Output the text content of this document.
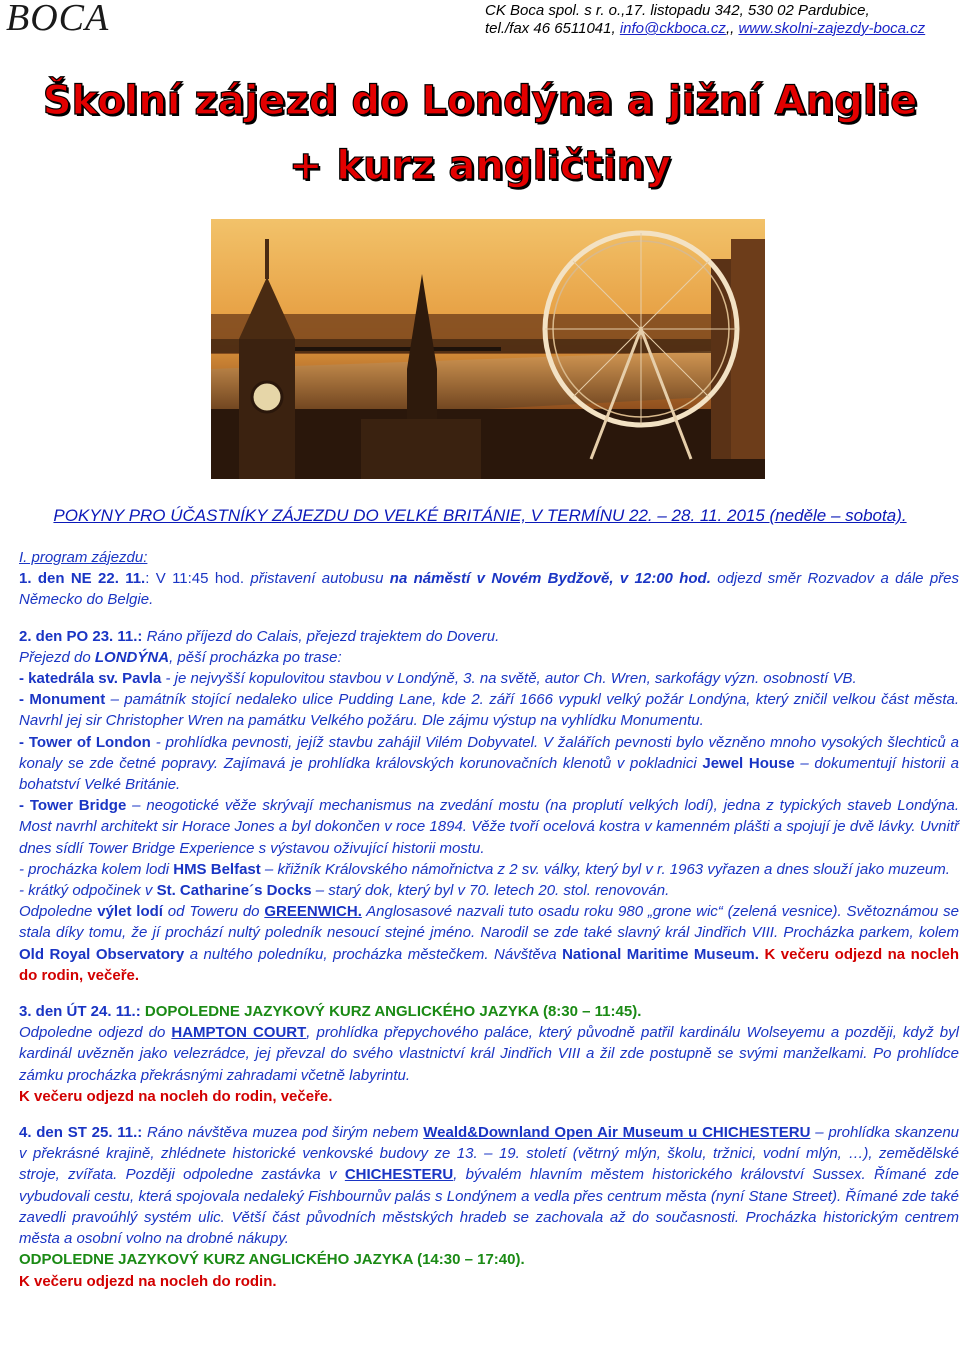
BOCA	CK Boca spol. s r. o.,17. listopadu 342, 530 02 Pardubice,
tel./fax 46 6511041, info@ckboca.cz,, www.skolni-zajezdy-boca.cz
Školní zájezd do Londýna a jižní Anglie
+ kurz angličtiny
POKYNY PRO ÚČASTNÍKY ZÁJEZDU DO VELKÉ BRITÁNIE, V TERMÍNU 22. – 28. 11. 2015 (neděle – sobota).

I. program zájezdu:

1. den NE 22. 11.: V 11:45 hod. přistavení autobusu na náměstí v Novém Bydžově, v 12:00 hod. odjezd směr Rozvadov a dále přes Německo do Belgie.

2. den PO 23. 11.: Ráno příjezd do Calais, přejezd trajektem do Doveru.

Přejezd do LONDÝNA, pěší procházka po trase:

- katedrála sv. Pavla - je nejvyšší kopulovitou stavbou v Londýně, 3. na světě, autor Ch. Wren, sarkofágy význ. osobností VB.

- Monument – památník stojící nedaleko ulice Pudding Lane, kde 2. září 1666 vypukl velký požár Londýna, který zničil velkou část města. Navrhl jej sir Christopher Wren na památku Velkého požáru. Dle zájmu výstup na vyhlídku Monumentu.

- Tower of London - prohlídka pevnosti, jejíž stavbu zahájil Vilém Dobyvatel. V žalářích pevnosti bylo vězněno mnoho vysokých šlechticů a konaly se zde četné popravy. Zajímavá je prohlídka královských korunovačních klenotů v pokladnici Jewel House – dokumentují historii a bohatství Velké Británie.

- Tower Bridge – neogotické věže skrývají mechanismus na zvedání mostu (na proplutí velkých lodí), jedna z typických staveb Londýna. Most navrhl architekt sir Horace Jones a byl dokončen v roce 1894. Věže tvoří ocelová kostra v kamenném plášti a spojují je dvě lávky. Uvnitř dnes sídlí Tower Bridge Experience s výstavou oživující historii mostu.

- procházka kolem lodi HMS Belfast – křižník Královského námořnictva z 2 sv. války, který byl v r. 1963 vyřazen a dnes slouží jako muzeum.

- krátký odpočinek v St. Catharine´s Docks – starý dok, který byl v 70. letech 20. stol. renovován.

Odpoledne výlet lodí od Toweru do GREENWICH. Anglosasové nazvali tuto osadu roku 980 „grone wic“ (zelená vesnice). Světoznámou se stala díky tomu, že jí prochází nultý poledník nesoucí stejné jméno. Narodil se zde také slavný král Jindřich VIII. Procházka parkem, kolem Old Royal Observatory a nultého poledníku, procházka městečkem. Návštěva National Maritime Museum. K večeru odjezd na nocleh do rodin, večeře.

3. den ÚT 24. 11.: DOPOLEDNE JAZYKOVÝ KURZ ANGLICKÉHO JAZYKA (8:30 – 11:45).

Odpoledne odjezd do HAMPTON COURT, prohlídka přepychového paláce, který původně patřil kardinálu Wolseyemu a později, když byl kardinál uvězněn jako velezrádce, jej převzal do svého vlastnictví král Jindřich VIII a žil zde postupně se svými manželkami. Po prohlídce zámku procházka překrásnými zahradami včetně labyrintu.

K večeru odjezd na nocleh do rodin, večeře.

4. den ST 25. 11.: Ráno návštěva muzea pod širým nebem Weald&Downland Open Air Museum u CHICHESTERU – prohlídka skanzenu v překrásné krajině, zhlédnete historické venkovské budovy ze 13. – 19. století (větrný mlýn, školu, tržnici, vodní mlýn, …), zemědělské stroje, zvířata. Později odpoledne zastávka v CHICHESTERU, bývalém hlavním městem historického království Sussex. Římané zde vybudovali cestu, která spojovala nedaleký Fishbournův palás s Londýnem a vedla přes centrum města (nyní Stane Street). Římané zde také zavedli pravoúhlý systém ulic. Větší část původních městských hradeb se zachovala až do současnosti. Procházka historickým centrem města a osobní volno na drobné nákupy.

ODPOLEDNE JAZYKOVÝ KURZ ANGLICKÉHO JAZYKA (14:30 – 17:40).

K večeru odjezd na nocleh do rodin.
